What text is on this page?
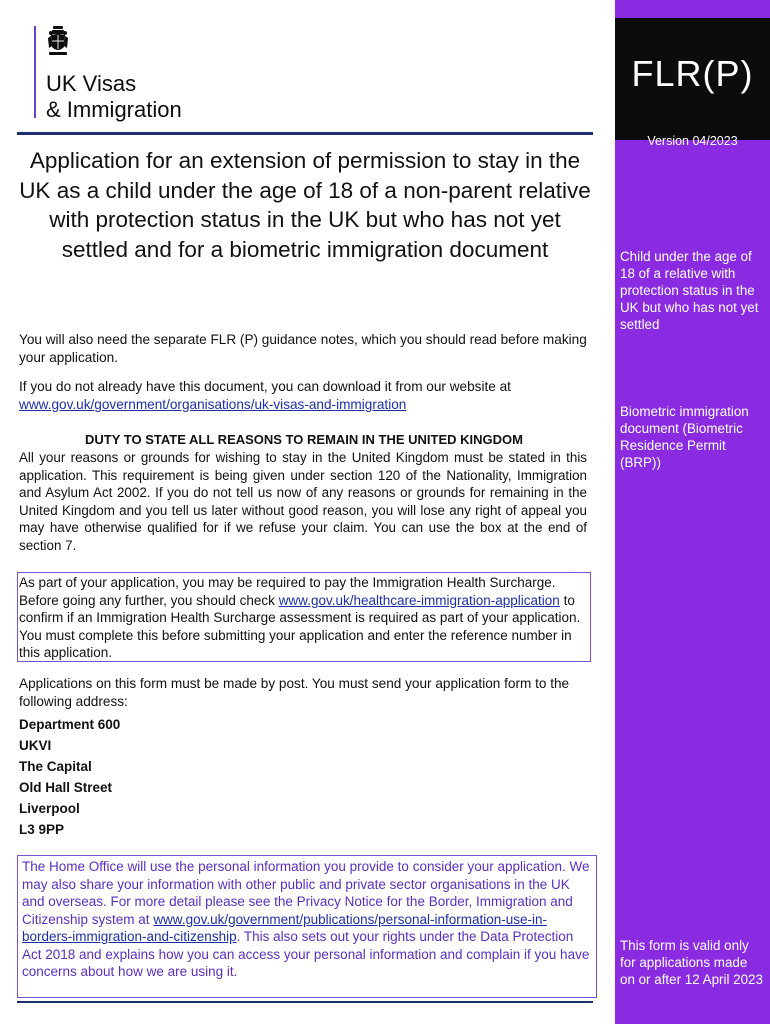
UK Visas
& Immigration
Application for an extension of permission to stay in the UK as a child under the age of 18 of a non-parent relative with protection status in the UK but who has not yet settled and for a biometric immigration document

You will also need the separate FLR (P) guidance notes, which you should read before making your application.

If you do not already have this document, you can download it from our website at www.gov.uk/government/organisations/uk-visas-and-immigration

DUTY TO STATE ALL REASONS TO REMAIN IN THE UNITED KINGDOM

All your reasons or grounds for wishing to stay in the United Kingdom must be stated in this application. This requirement is being given under section 120 of the Nationality, Immigration and Asylum Act 2002. If you do not tell us now of any reasons or grounds for remaining in the United Kingdom and you tell us later without good reason, you will lose any right of appeal you may have otherwise qualified for if we refuse your claim. You can use the box at the end of section 7.

As part of your application, you may be required to pay the Immigration Health Surcharge. Before going any further, you should check www.gov.uk/healthcare-immigration-application to confirm if an Immigration Health Surcharge assessment is required as part of your application. You must complete this before submitting your application and enter the reference number in this application.

Applications on this form must be made by post. You must send your application form to the following address:

Department 600
UKVI
The Capital
Old Hall Street
Liverpool
L3 9PP
The Home Office will use the personal information you provide to consider your application. We may also share your information with other public and private sector organisations in the UK and overseas. For more detail please see the Privacy Notice for the Border, Immigration and Citizenship system at www.gov.uk/government/publications/personal-information-use-in-borders-immigration-and-citizenship. This also sets out your rights under the Data Protection Act 2018 and explains how you can access your personal information and complain if you have concerns about how we are using it.
FLR(P)
Version 04/2023

Child under the age of 18 of a relative with protection status in the UK but who has not yet settled

Biometric immigration document (Biometric Residence Permit (BRP))

This form is valid only for applications made on or after 12 April 2023
